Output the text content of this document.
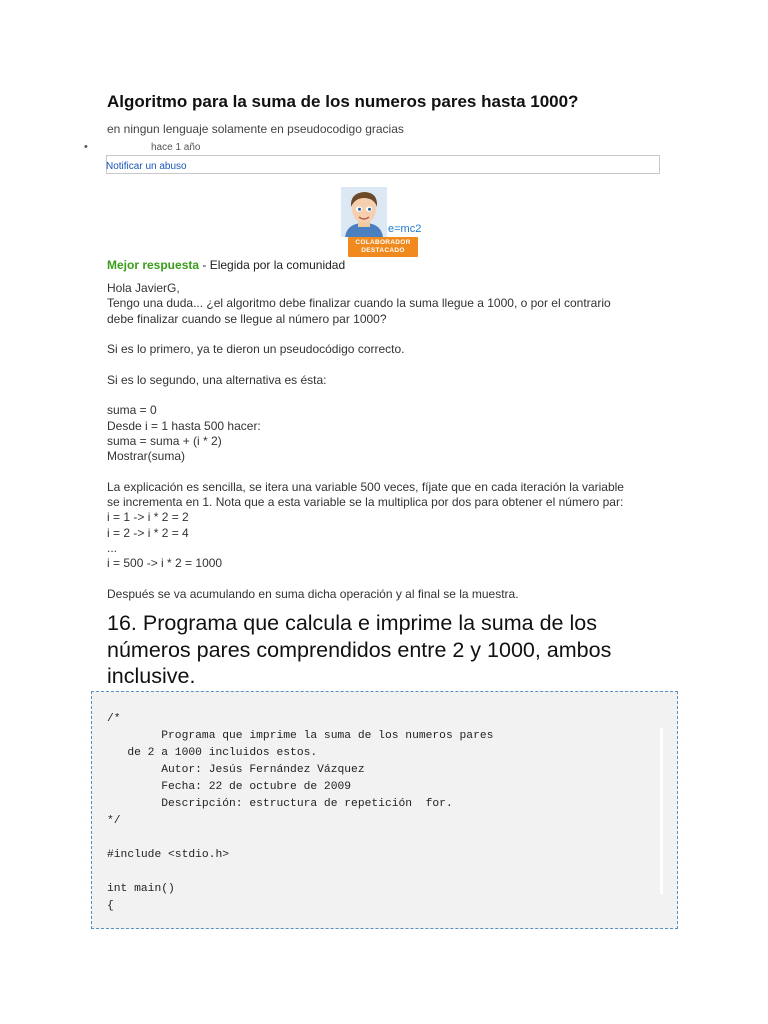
Algoritmo para la suma de los numeros pares hasta 1000?
en ningun lenguaje solamente en pseudocodigo gracias
•	hace 1 año
Notificar un abuso
e=mc2
COLABORADOR
DESTACADO
Mejor respuesta - Elegida por la comunidad

Hola JavierG,

Tengo una duda... ¿el algoritmo debe finalizar cuando la suma llegue a 1000, o por el contrario

debe finalizar cuando se llegue al número par 1000?

Si es lo primero, ya te dieron un pseudocódigo correcto.

Si es lo segundo, una alternativa es ésta:

suma = 0

Desde i = 1 hasta 500 hacer:

suma = suma + (i * 2)

Mostrar(suma)

La explicación es sencilla, se itera una variable 500 veces, fíjate que en cada iteración la variable

se incrementa en 1. Nota que a esta variable se la multiplica por dos para obtener el número par:

i = 1 -> i * 2 = 2

i = 2 -> i * 2 = 4

...

i = 500 -> i * 2 = 1000

Después se va acumulando en suma dicha operación y al final se la muestra.

16. Programa que calcula e imprime la suma de los
números pares comprendidos entre 2 y 1000, ambos
inclusive.
/*
Programa que imprime la suma de los numeros pares
de 2 a 1000 incluidos estos.
Autor: Jesús Fernández Vázquez
Fecha: 22 de octubre de 2009
Descripción: estructura de repetición  for.
*/

#include <stdio.h>

int main()
{
